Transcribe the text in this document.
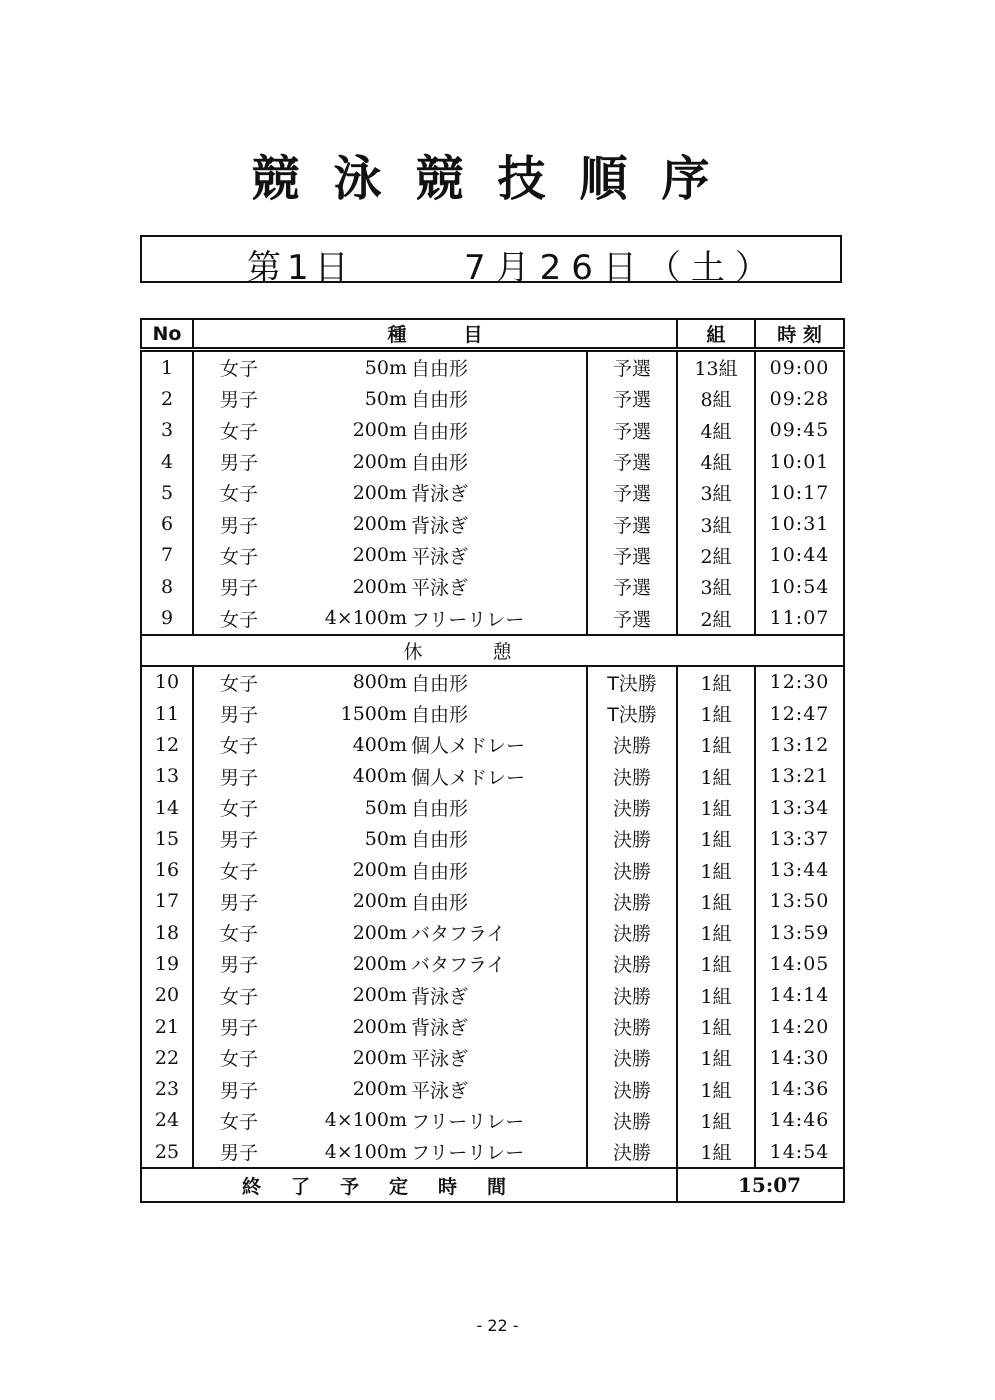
競泳競技順序
第1日	7月26日（土）
No	種　　　目				組	時 刻
1	女子	50m	自由形	予選	13組	09:00
2	男子	50m	自由形	予選	8組	09:28
3	女子	200m	自由形	予選	4組	09:45
4	男子	200m	自由形	予選	4組	10:01
5	女子	200m	背泳ぎ	予選	3組	10:17
6	男子	200m	背泳ぎ	予選	3組	10:31
7	女子	200m	平泳ぎ	予選	2組	10:44
8	男子	200m	平泳ぎ	予選	3組	10:54
9	女子	4×100m	フリーリレー	予選	2組	11:07
休憩						
10	女子	800m	自由形	T決勝	1組	12:30
11	男子	1500m	自由形	T決勝	1組	12:47
12	女子	400m	個人メドレー	決勝	1組	13:12
13	男子	400m	個人メドレー	決勝	1組	13:21
14	女子	50m	自由形	決勝	1組	13:34
15	男子	50m	自由形	決勝	1組	13:37
16	女子	200m	自由形	決勝	1組	13:44
17	男子	200m	自由形	決勝	1組	13:50
18	女子	200m	バタフライ	決勝	1組	13:59
19	男子	200m	バタフライ	決勝	1組	14:05
20	女子	200m	背泳ぎ	決勝	1組	14:14
21	男子	200m	背泳ぎ	決勝	1組	14:20
22	女子	200m	平泳ぎ	決勝	1組	14:30
23	男子	200m	平泳ぎ	決勝	1組	14:36
24	女子	4×100m	フリーリレー	決勝	1組	14:46
25	男子	4×100m	フリーリレー	決勝	1組	14:54
終了予定時間					15:07	
- 22 -
